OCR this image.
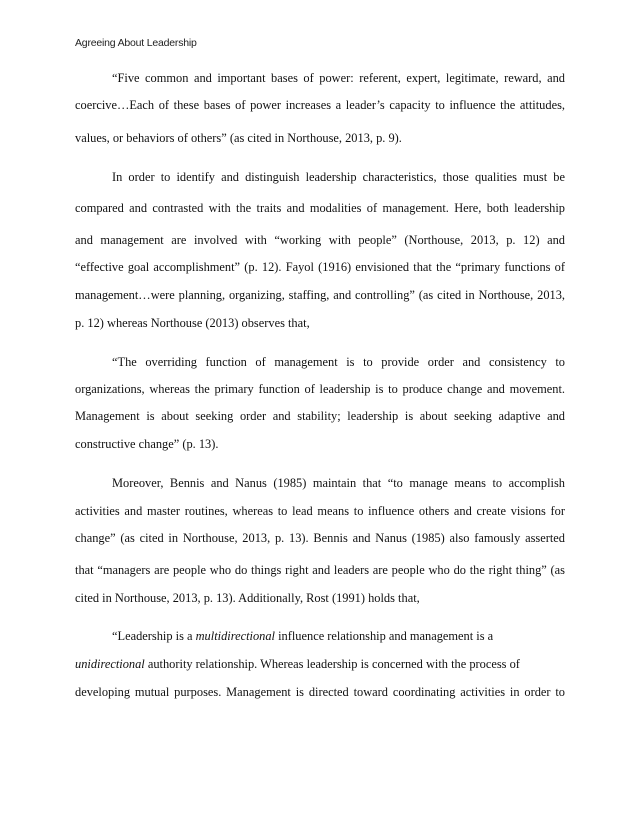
Agreeing About Leadership
“Five common and important bases of power: referent, expert, legitimate, reward, and
coercive…Each of these bases of power increases a leader’s capacity to influence the attitudes,
values, or behaviors of others” (as cited in Northouse, 2013, p. 9).
In order to identify and distinguish leadership characteristics, those qualities must be
compared and contrasted with the traits and modalities of management. Here, both leadership
and management are involved with “working with people” (Northouse, 2013, p. 12) and
“effective goal accomplishment” (p. 12). Fayol (1916) envisioned that the “primary functions of
management…were planning, organizing, staffing, and controlling” (as cited in Northouse, 2013,
p. 12) whereas Northouse (2013) observes that,
“The overriding function of management is to provide order and consistency to
organizations, whereas the primary function of leadership is to produce change and movement.
Management is about seeking order and stability; leadership is about seeking adaptive and
constructive change” (p. 13).
Moreover, Bennis and Nanus (1985) maintain that “to manage means to accomplish
activities and master routines, whereas to lead means to influence others and create visions for
change” (as cited in Northouse, 2013, p. 13). Bennis and Nanus (1985) also famously asserted
that “managers are people who do things right and leaders are people who do the right thing” (as
cited in Northouse, 2013, p. 13). Additionally, Rost (1991) holds that,
“Leadership is a multidirectional influence relationship and management is a
unidirectional authority relationship. Whereas leadership is concerned with the process of
developing mutual purposes. Management is directed toward coordinating activities in order to
